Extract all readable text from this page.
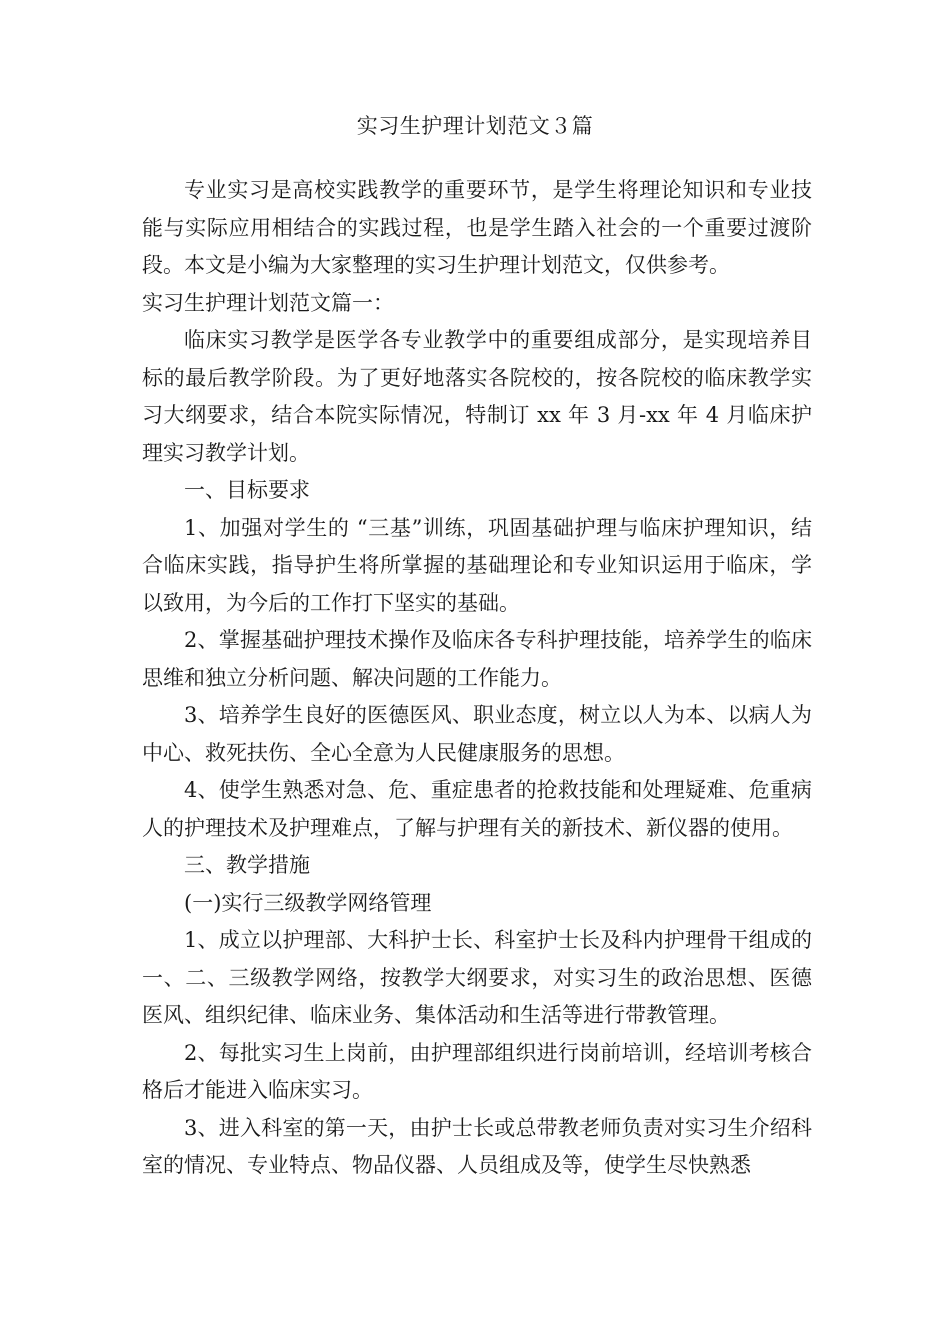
实习生护理计划范文３篇

专业实习是高校实践教学的重要环节，是学生将理论知识和专业技能与实际应用相结合的实践过程，也是学生踏入社会的一个重要过渡阶段。本文是小编为大家整理的实习生护理计划范文，仅供参考。

实习生护理计划范文篇一：

临床实习教学是医学各专业教学中的重要组成部分，是实现培养目标的最后教学阶段。为了更好地落实各院校的，按各院校的临床教学实习大纲要求，结合本院实际情况，特制订 xx 年 3 月-xx 年 4 月临床护理实习教学计划。

一、目标要求

1、加强对学生的 “三基”训练，巩固基础护理与临床护理知识，结合临床实践，指导护生将所掌握的基础理论和专业知识运用于临床，学以致用，为今后的工作打下坚实的基础。

2、掌握基础护理技术操作及临床各专科护理技能，培养学生的临床思维和独立分析问题、解决问题的工作能力。

3、培养学生良好的医德医风、职业态度，树立以人为本、以病人为中心、救死扶伤、全心全意为人民健康服务的思想。

4、使学生熟悉对急、危、重症患者的抢救技能和处理疑难、危重病人的护理技术及护理难点，了解与护理有关的新技术、新仪器的使用。

三、教学措施

(一)实行三级教学网络管理

1、成立以护理部、大科护士长、科室护士长及科内护理骨干组成的一、二、三级教学网络，按教学大纲要求，对实习生的政治思想、医德医风、组织纪律、临床业务、集体活动和生活等进行带教管理。

2、每批实习生上岗前，由护理部组织进行岗前培训，经培训考核合格后才能进入临床实习。

3、进入科室的第一天，由护士长或总带教老师负责对实习生介绍科室的情况、专业特点、物品仪器、人员组成及等，使学生尽快熟悉
